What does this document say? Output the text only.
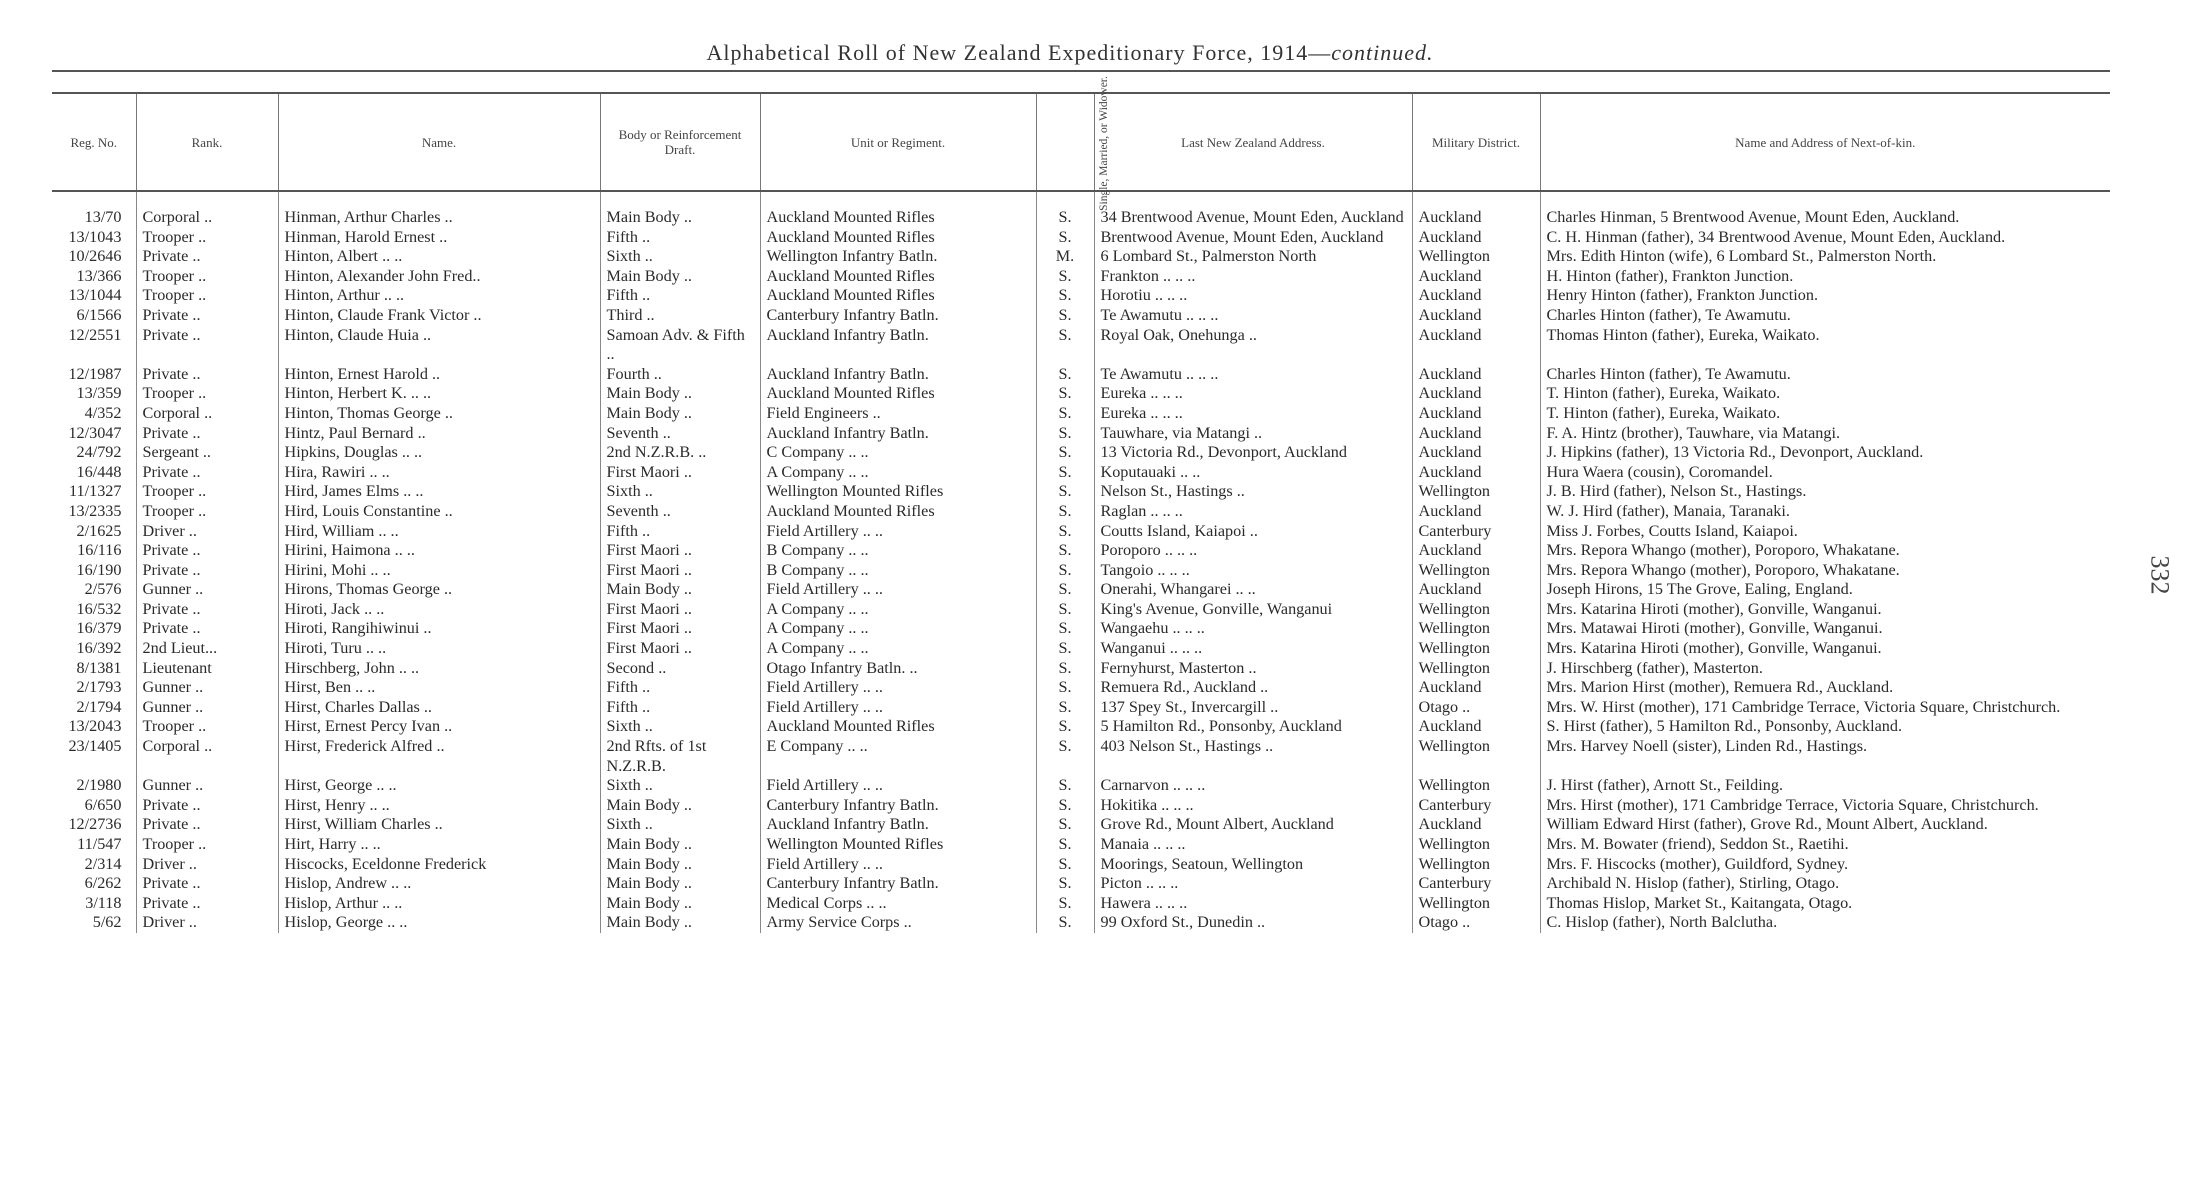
Alphabetical Roll of New Zealand Expeditionary Force, 1914—continued.
332
Reg. No.	Rank.	Name.	Body or Reinforcement Draft.	Unit or Regiment.	Single, Married, or Widower.	Last New Zealand Address.	Military District.	Name and Address of Next-of-kin.
13/70	Corporal ..	Hinman, Arthur Charles ..	Main Body ..	Auckland Mounted Rifles	S.	34 Brentwood Avenue, Mount Eden, Auckland	Auckland	Charles Hinman, 5 Brentwood Avenue, Mount Eden, Auckland.
13/1043	Trooper ..	Hinman, Harold Ernest ..	Fifth ..	Auckland Mounted Rifles	S.	Brentwood Avenue, Mount Eden, Auckland	Auckland	C. H. Hinman (father), 34 Brentwood Avenue, Mount Eden, Auckland.
10/2646	Private ..	Hinton, Albert .. ..	Sixth ..	Wellington Infantry Batln.	M.	6 Lombard St., Palmerston North	Wellington	Mrs. Edith Hinton (wife), 6 Lombard St., Palmerston North.
13/366	Trooper ..	Hinton, Alexander John Fred..	Main Body ..	Auckland Mounted Rifles	S.	Frankton .. .. ..	Auckland	H. Hinton (father), Frankton Junction.
13/1044	Trooper ..	Hinton, Arthur .. ..	Fifth ..	Auckland Mounted Rifles	S.	Horotiu .. .. ..	Auckland	Henry Hinton (father), Frankton Junction.
6/1566	Private ..	Hinton, Claude Frank Victor ..	Third ..	Canterbury Infantry Batln.	S.	Te Awamutu .. .. ..	Auckland	Charles Hinton (father), Te Awamutu.
12/2551	Private ..	Hinton, Claude Huia ..	Samoan Adv. & Fifth ..	Auckland Infantry Batln.	S.	Royal Oak, Onehunga ..	Auckland	Thomas Hinton (father), Eureka, Waikato.
12/1987	Private ..	Hinton, Ernest Harold ..	Fourth ..	Auckland Infantry Batln.	S.	Te Awamutu .. .. ..	Auckland	Charles Hinton (father), Te Awamutu.
13/359	Trooper ..	Hinton, Herbert K. .. ..	Main Body ..	Auckland Mounted Rifles	S.	Eureka .. .. ..	Auckland	T. Hinton (father), Eureka, Waikato.
4/352	Corporal ..	Hinton, Thomas George ..	Main Body ..	Field Engineers ..	S.	Eureka .. .. ..	Auckland	T. Hinton (father), Eureka, Waikato.
12/3047	Private ..	Hintz, Paul Bernard ..	Seventh ..	Auckland Infantry Batln.	S.	Tauwhare, via Matangi ..	Auckland	F. A. Hintz (brother), Tauwhare, via Matangi.
24/792	Sergeant ..	Hipkins, Douglas .. ..	2nd N.Z.R.B. ..	C Company .. ..	S.	13 Victoria Rd., Devonport, Auckland	Auckland	J. Hipkins (father), 13 Victoria Rd., Devonport, Auckland.
16/448	Private ..	Hira, Rawiri .. ..	First Maori ..	A Company .. ..	S.	Koputauaki .. ..	Auckland	Hura Waera (cousin), Coromandel.
11/1327	Trooper ..	Hird, James Elms .. ..	Sixth ..	Wellington Mounted Rifles	S.	Nelson St., Hastings ..	Wellington	J. B. Hird (father), Nelson St., Hastings.
13/2335	Trooper ..	Hird, Louis Constantine ..	Seventh ..	Auckland Mounted Rifles	S.	Raglan .. .. ..	Auckland	W. J. Hird (father), Manaia, Taranaki.
2/1625	Driver ..	Hird, William .. ..	Fifth ..	Field Artillery .. ..	S.	Coutts Island, Kaiapoi ..	Canterbury	Miss J. Forbes, Coutts Island, Kaiapoi.
16/116	Private ..	Hirini, Haimona .. ..	First Maori ..	B Company .. ..	S.	Poroporo .. .. ..	Auckland	Mrs. Repora Whango (mother), Poroporo, Whakatane.
16/190	Private ..	Hirini, Mohi .. ..	First Maori ..	B Company .. ..	S.	Tangoio .. .. ..	Wellington	Mrs. Repora Whango (mother), Poroporo, Whakatane.
2/576	Gunner ..	Hirons, Thomas George ..	Main Body ..	Field Artillery .. ..	S.	Onerahi, Whangarei .. ..	Auckland	Joseph Hirons, 15 The Grove, Ealing, England.
16/532	Private ..	Hiroti, Jack .. ..	First Maori ..	A Company .. ..	S.	King's Avenue, Gonville, Wanganui	Wellington	Mrs. Katarina Hiroti (mother), Gonville, Wanganui.
16/379	Private ..	Hiroti, Rangihiwinui ..	First Maori ..	A Company .. ..	S.	Wangaehu .. .. ..	Wellington	Mrs. Matawai Hiroti (mother), Gonville, Wanganui.
16/392	2nd Lieut...	Hiroti, Turu .. ..	First Maori ..	A Company .. ..	S.	Wanganui .. .. ..	Wellington	Mrs. Katarina Hiroti (mother), Gonville, Wanganui.
8/1381	Lieutenant	Hirschberg, John .. ..	Second ..	Otago Infantry Batln. ..	S.	Fernyhurst, Masterton ..	Wellington	J. Hirschberg (father), Masterton.
2/1793	Gunner ..	Hirst, Ben .. ..	Fifth ..	Field Artillery .. ..	S.	Remuera Rd., Auckland ..	Auckland	Mrs. Marion Hirst (mother), Remuera Rd., Auckland.
2/1794	Gunner ..	Hirst, Charles Dallas ..	Fifth ..	Field Artillery .. ..	S.	137 Spey St., Invercargill ..	Otago ..	Mrs. W. Hirst (mother), 171 Cambridge Terrace, Victoria Square, Christchurch.
13/2043	Trooper ..	Hirst, Ernest Percy Ivan ..	Sixth ..	Auckland Mounted Rifles	S.	5 Hamilton Rd., Ponsonby, Auckland	Auckland	S. Hirst (father), 5 Hamilton Rd., Ponsonby, Auckland.
23/1405	Corporal ..	Hirst, Frederick Alfred ..	2nd Rfts. of 1st N.Z.R.B.	E Company .. ..	S.	403 Nelson St., Hastings ..	Wellington	Mrs. Harvey Noell (sister), Linden Rd., Hastings.
2/1980	Gunner ..	Hirst, George .. ..	Sixth ..	Field Artillery .. ..	S.	Carnarvon .. .. ..	Wellington	J. Hirst (father), Arnott St., Feilding.
6/650	Private ..	Hirst, Henry .. ..	Main Body ..	Canterbury Infantry Batln.	S.	Hokitika .. .. ..	Canterbury	Mrs. Hirst (mother), 171 Cambridge Terrace, Victoria Square, Christchurch.
12/2736	Private ..	Hirst, William Charles ..	Sixth ..	Auckland Infantry Batln.	S.	Grove Rd., Mount Albert, Auckland	Auckland	William Edward Hirst (father), Grove Rd., Mount Albert, Auckland.
11/547	Trooper ..	Hirt, Harry .. ..	Main Body ..	Wellington Mounted Rifles	S.	Manaia .. .. ..	Wellington	Mrs. M. Bowater (friend), Seddon St., Raetihi.
2/314	Driver ..	Hiscocks, Eceldonne Frederick	Main Body ..	Field Artillery .. ..	S.	Moorings, Seatoun, Wellington	Wellington	Mrs. F. Hiscocks (mother), Guildford, Sydney.
6/262	Private ..	Hislop, Andrew .. ..	Main Body ..	Canterbury Infantry Batln.	S.	Picton .. .. ..	Canterbury	Archibald N. Hislop (father), Stirling, Otago.
3/118	Private ..	Hislop, Arthur .. ..	Main Body ..	Medical Corps .. ..	S.	Hawera .. .. ..	Wellington	Thomas Hislop, Market St., Kaitangata, Otago.
5/62	Driver ..	Hislop, George .. ..	Main Body ..	Army Service Corps ..	S.	99 Oxford St., Dunedin ..	Otago ..	C. Hislop (father), North Balclutha.
